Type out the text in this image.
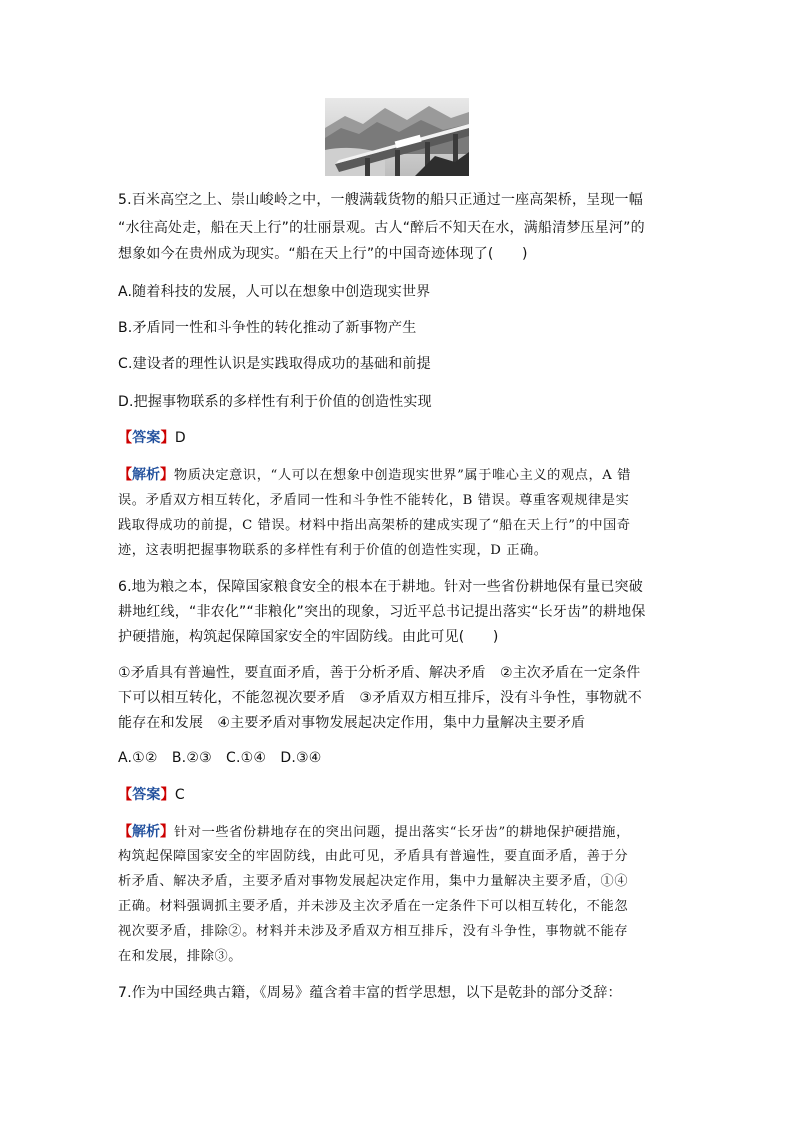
5.百米高空之上、崇山峻岭之中，一艘满载货物的船只正通过一座高架桥，呈现一幅
“水往高处走，船在天上行”的壮丽景观。古人“醉后不知天在水，满船清梦压星河”的
想象如今在贵州成为现实。“船在天上行”的中国奇迹体现了(　　)
A.随着科技的发展，人可以在想象中创造现实世界
B.矛盾同一性和斗争性的转化推动了新事物产生
C.建设者的理性认识是实践取得成功的基础和前提
D.把握事物联系的多样性有利于价值的创造性实现
【答案】D
【解析】物质决定意识，“人可以在想象中创造现实世界”属于唯心主义的观点，A 错
误。矛盾双方相互转化，矛盾同一性和斗争性不能转化，B 错误。尊重客观规律是实
践取得成功的前提，C 错误。材料中指出高架桥的建成实现了“船在天上行”的中国奇
迹，这表明把握事物联系的多样性有利于价值的创造性实现，D 正确。
6.地为粮之本，保障国家粮食安全的根本在于耕地。针对一些省份耕地保有量已突破
耕地红线，“非农化”“非粮化”突出的现象，习近平总书记提出落实“长牙齿”的耕地保
护硬措施，构筑起保障国家安全的牢固防线。由此可见(　　)
①矛盾具有普遍性，要直面矛盾，善于分析矛盾、解决矛盾　②主次矛盾在一定条件
下可以相互转化，不能忽视次要矛盾　③矛盾双方相互排斥，没有斗争性，事物就不
能存在和发展　④主要矛盾对事物发展起决定作用，集中力量解决主要矛盾
A.①②　B.②③　C.①④　D.③④
【答案】C
【解析】针对一些省份耕地存在的突出问题，提出落实“长牙齿”的耕地保护硬措施，
构筑起保障国家安全的牢固防线，由此可见，矛盾具有普遍性，要直面矛盾，善于分
析矛盾、解决矛盾，主要矛盾对事物发展起决定作用，集中力量解决主要矛盾，①④
正确。材料强调抓主要矛盾，并未涉及主次矛盾在一定条件下可以相互转化，不能忽
视次要矛盾，排除②。材料并未涉及矛盾双方相互排斥，没有斗争性，事物就不能存
在和发展，排除③。
7.作为中国经典古籍，《周易》蕴含着丰富的哲学思想，以下是乾卦的部分爻辞：
